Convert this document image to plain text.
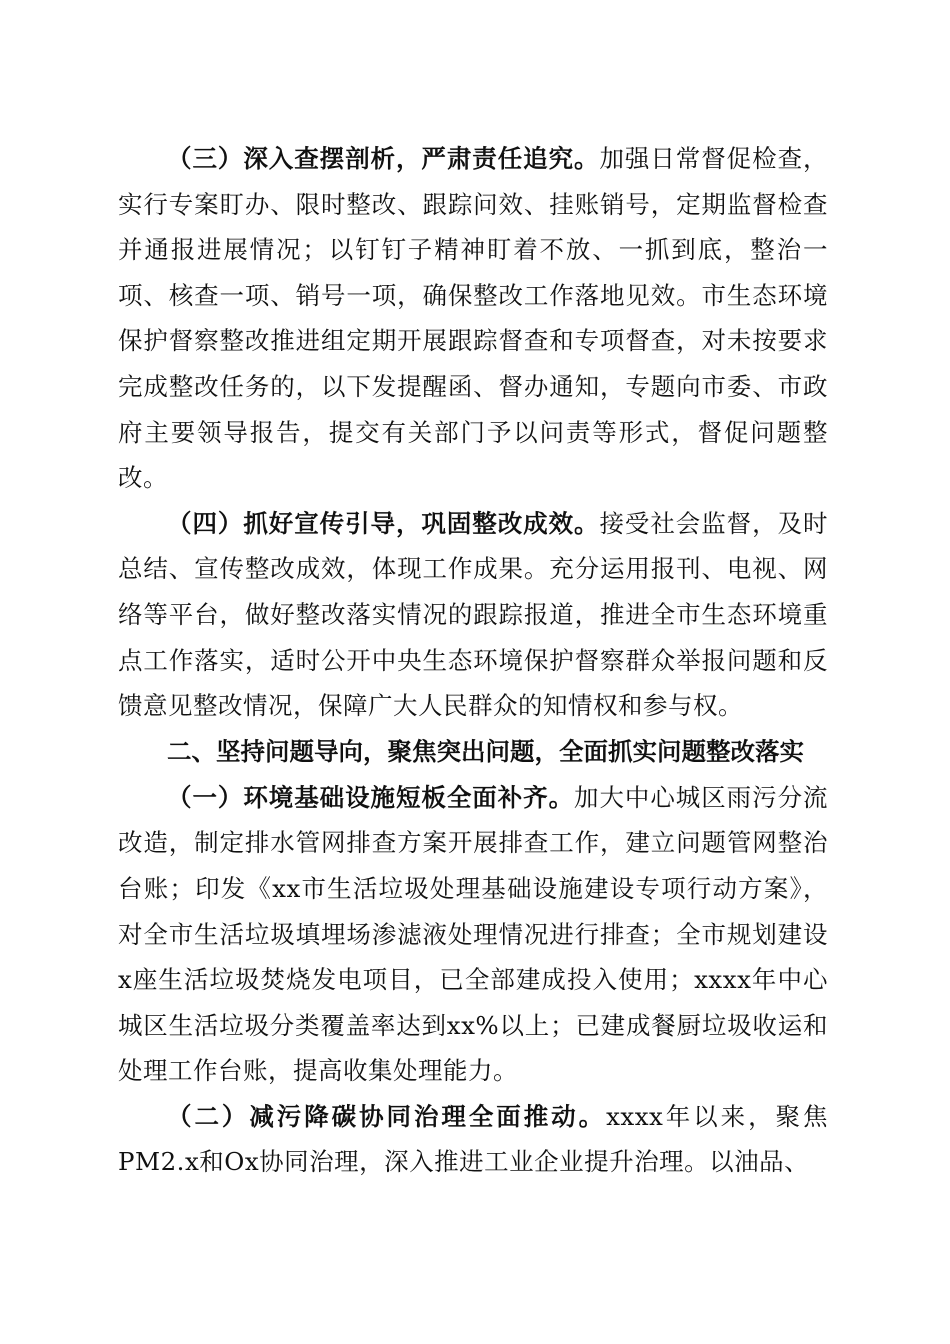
（三）深入查摆剖析，严肃责任追究。加强日常督促检查，实行专案盯办、限时整改、跟踪问效、挂账销号，定期监督检查并通报进展情况；以钉钉子精神盯着不放、一抓到底，整治一项、核查一项、销号一项，确保整改工作落地见效。市生态环境保护督察整改推进组定期开展跟踪督查和专项督查，对未按要求完成整改任务的，以下发提醒函、督办通知，专题向市委、市政府主要领导报告，提交有关部门予以问责等形式，督促问题整改。

（四）抓好宣传引导，巩固整改成效。接受社会监督，及时总结、宣传整改成效，体现工作成果。充分运用报刊、电视、网络等平台，做好整改落实情况的跟踪报道，推进全市生态环境重点工作落实，适时公开中央生态环境保护督察群众举报问题和反馈意见整改情况，保障广大人民群众的知情权和参与权。

二、坚持问题导向，聚焦突出问题，全面抓实问题整改落实

（一）环境基础设施短板全面补齐。加大中心城区雨污分流改造，制定排水管网排查方案开展排查工作，建立问题管网整治台账；印发《xx市生活垃圾处理基础设施建设专项行动方案》，对全市生活垃圾填埋场渗滤液处理情况进行排查；全市规划建设x座生活垃圾焚烧发电项目，已全部建成投入使用；xxxx年中心城区生活垃圾分类覆盖率达到xx%以上；已建成餐厨垃圾收运和处理工作台账，提高收集处理能力。

（二）减污降碳协同治理全面推动。xxxx年以来，聚焦PM2.x和Ox协同治理，深入推进工业企业提升治理。以油品、
